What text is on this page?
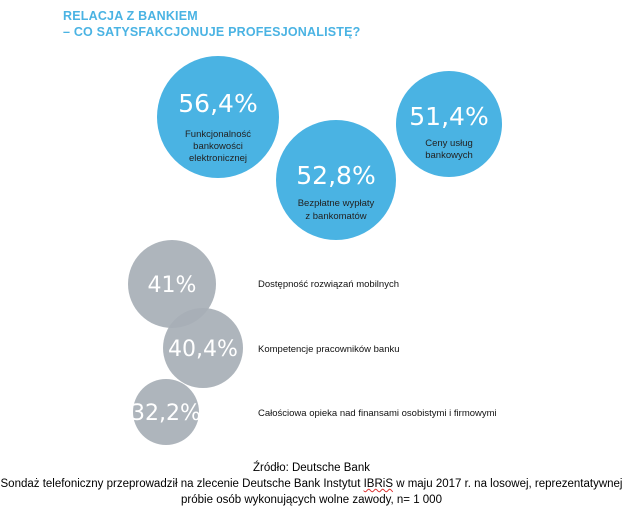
RELACJA Z BANKIEM
– CO SATYSFAKCJONUJE PROFESJONALISTĘ?
56,4%
Funkcjonalność
bankowości
elektronicznej
52,8%
Bezpłatne wypłaty
z bankomatów
51,4%
Ceny usług
bankowych
41%	Dostępność rozwiązań mobilnych
40,4% Kompetencje pracowników banku
32,2%	Całościowa opieka nad finansami osobistymi i firmowymi
Źródło: Deutsche Bank
Sondaż telefoniczny przeprowadził na zlecenie Deutsche Bank Instytut IBRiS w maju 2017 r. na losowej, reprezentatywnej
próbie osób wykonujących wolne zawody, n= 1 000
